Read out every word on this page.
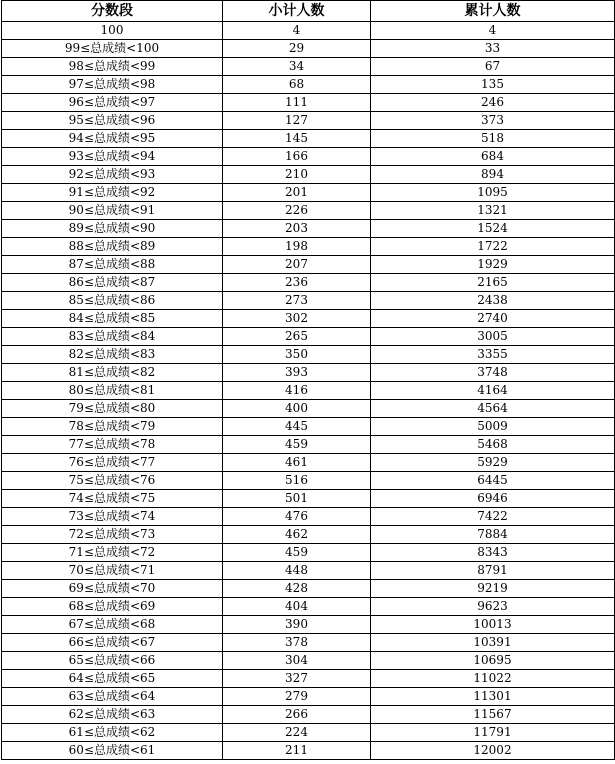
分数段	小计人数	累计人数
100	4	4
99≤总成绩<100	29	33
98≤总成绩<99	34	67
97≤总成绩<98	68	135
96≤总成绩<97	111	246
95≤总成绩<96	127	373
94≤总成绩<95	145	518
93≤总成绩<94	166	684
92≤总成绩<93	210	894
91≤总成绩<92	201	1095
90≤总成绩<91	226	1321
89≤总成绩<90	203	1524
88≤总成绩<89	198	1722
87≤总成绩<88	207	1929
86≤总成绩<87	236	2165
85≤总成绩<86	273	2438
84≤总成绩<85	302	2740
83≤总成绩<84	265	3005
82≤总成绩<83	350	3355
81≤总成绩<82	393	3748
80≤总成绩<81	416	4164
79≤总成绩<80	400	4564
78≤总成绩<79	445	5009
77≤总成绩<78	459	5468
76≤总成绩<77	461	5929
75≤总成绩<76	516	6445
74≤总成绩<75	501	6946
73≤总成绩<74	476	7422
72≤总成绩<73	462	7884
71≤总成绩<72	459	8343
70≤总成绩<71	448	8791
69≤总成绩<70	428	9219
68≤总成绩<69	404	9623
67≤总成绩<68	390	10013
66≤总成绩<67	378	10391
65≤总成绩<66	304	10695
64≤总成绩<65	327	11022
63≤总成绩<64	279	11301
62≤总成绩<63	266	11567
61≤总成绩<62	224	11791
60≤总成绩<61	211	12002
